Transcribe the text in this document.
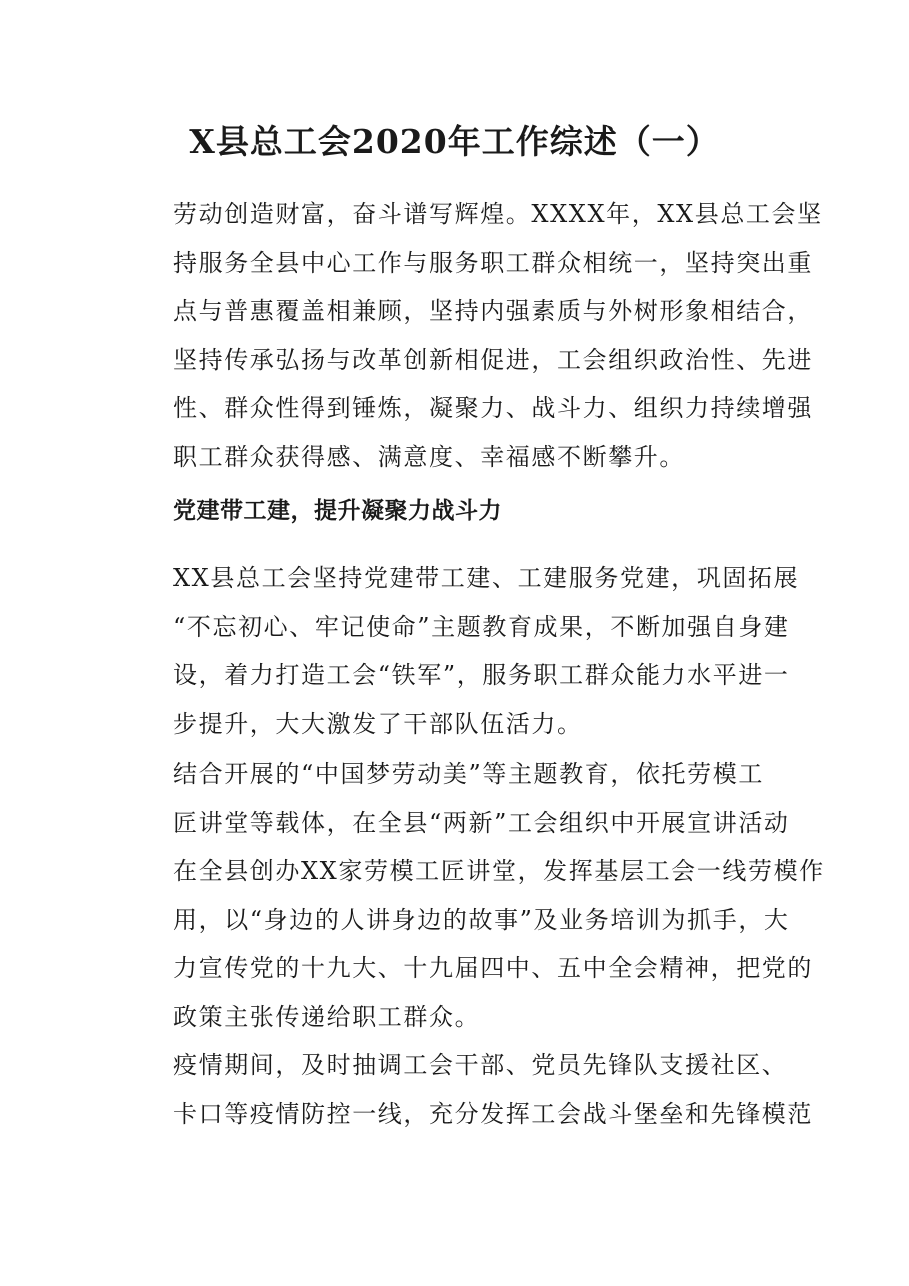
X县总工会2020年工作综述（一）

劳动创造财富，奋斗谱写辉煌。XXXX年，XX县总工会坚
持服务全县中心工作与服务职工群众相统一，坚持突出重
点与普惠覆盖相兼顾，坚持内强素质与外树形象相结合，
坚持传承弘扬与改革创新相促进，工会组织政治性、先进
性、群众性得到锤炼，凝聚力、战斗力、组织力持续增强
职工群众获得感、满意度、幸福感不断攀升。

党建带工建，提升凝聚力战斗力

XX县总工会坚持党建带工建、工建服务党建，巩固拓展
“不忘初心、牢记使命”主题教育成果，不断加强自身建
设，着力打造工会“铁军”，服务职工群众能力水平进一
步提升，大大激发了干部队伍活力。

结合开展的“中国梦劳动美”等主题教育，依托劳模工
匠讲堂等载体，在全县“两新”工会组织中开展宣讲活动
在全县创办XX家劳模工匠讲堂，发挥基层工会一线劳模作
用，以“身边的人讲身边的故事”及业务培训为抓手，大
力宣传党的十九大、十九届四中、五中全会精神，把党的
政策主张传递给职工群众。

疫情期间，及时抽调工会干部、党员先锋队支援社区、
卡口等疫情防控一线，充分发挥工会战斗堡垒和先锋模范
